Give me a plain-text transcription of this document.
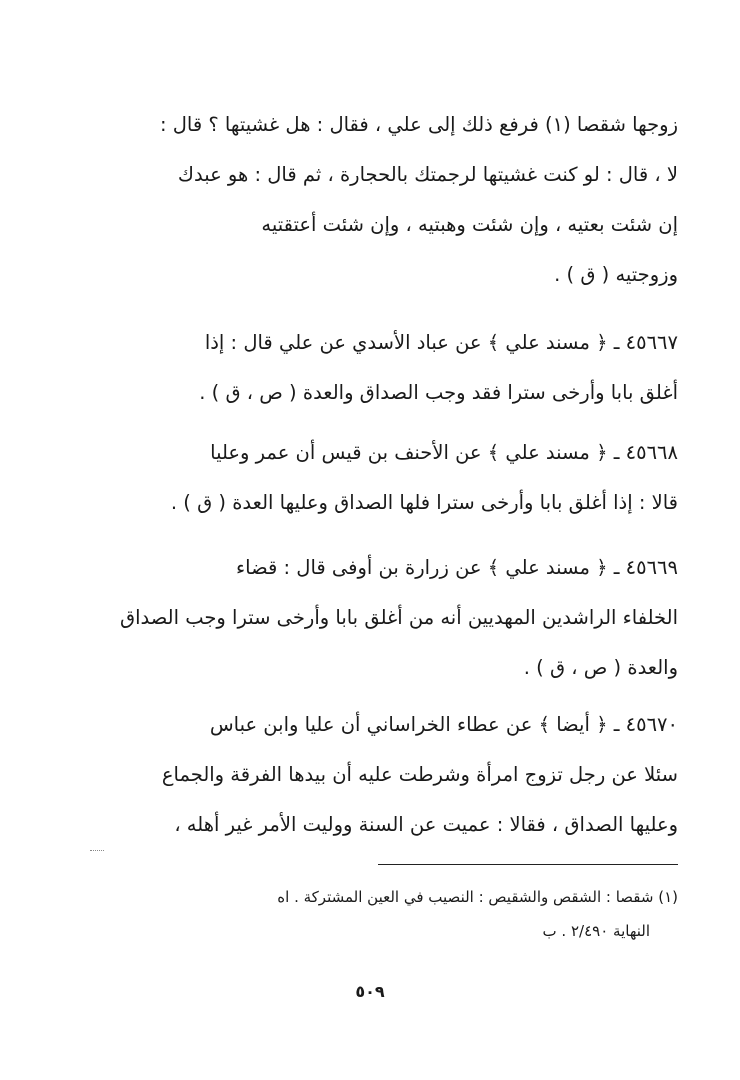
زوجها شقصا (١) فرفع ذلك إلى علي ، فقال : هل غشيتها ؟ قال :
لا ، قال : لو كنت غشيتها لرجمتك بالحجارة ، ثم قال : هو عبدك
إن شئت بعتيه ، وإن شئت وهبتيه ، وإن شئت أعتقتيه
وزوجتيه ( ق ) .
٤٥٦٦٧ ـ ﴿ مسند علي ﴾ عن عباد الأسدي عن علي قال : إذا
أغلق بابا وأرخى سترا فقد وجب الصداق والعدة ( ص ، ق ) .
٤٥٦٦٨ ـ ﴿ مسند علي ﴾ عن الأحنف بن قيس أن عمر وعليا
قالا : إذا أغلق بابا وأرخى سترا فلها الصداق وعليها العدة ( ق ) .
٤٥٦٦٩ ـ ﴿ مسند علي ﴾ عن زرارة بن أوفى قال : قضاء
الخلفاء الراشدين المهديين أنه من أغلق بابا وأرخى سترا وجب الصداق
والعدة ( ص ، ق ) .
٤٥٦٧٠ ـ ﴿ أيضا ﴾ عن عطاء الخراساني أن عليا وابن عباس
سئلا عن رجل تزوج امرأة وشرطت عليه أن بيدها الفرقة والجماع
وعليها الصداق ، فقالا : عميت عن السنة ووليت الأمر غير أهله ،
(١) شقصا : الشقص والشقيص : النصيب في العين المشتركة . اه
النهاية ٢/٤٩٠ . ب
٥٠٩
